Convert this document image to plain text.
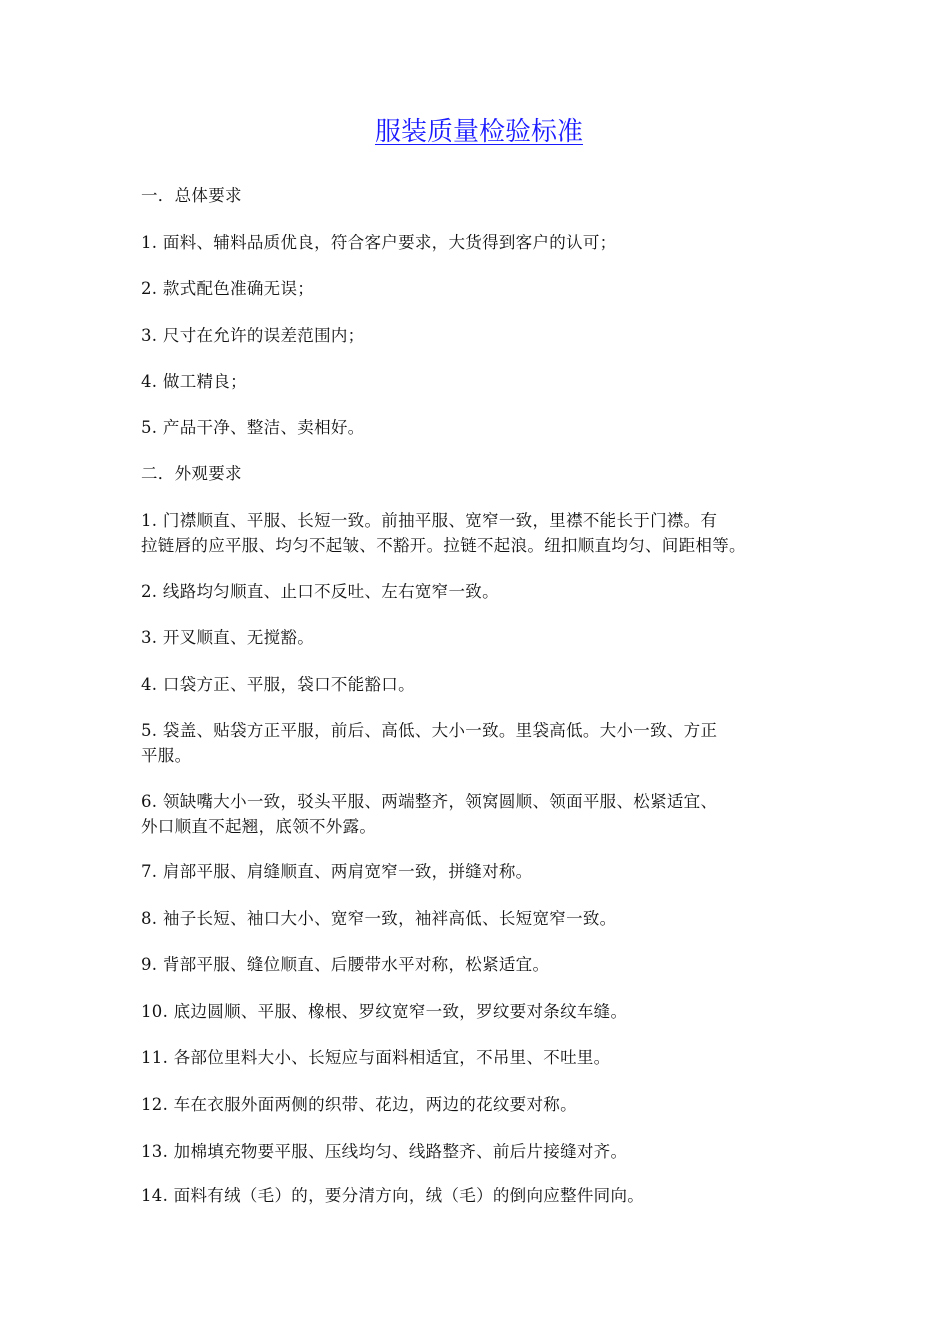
服装质量检验标准
一．总体要求
1. 面料、辅料品质优良，符合客户要求，大货得到客户的认可；
2. 款式配色准确无误；
3. 尺寸在允许的误差范围内；
4. 做工精良；
5. 产品干净、整洁、卖相好。
二．外观要求
1. 门襟顺直、平服、长短一致。前抽平服、宽窄一致，里襟不能长于门襟。有
拉链唇的应平服、均匀不起皱、不豁开。拉链不起浪。纽扣顺直均匀、间距相等。
2. 线路均匀顺直、止口不反吐、左右宽窄一致。
3. 开叉顺直、无搅豁。
4. 口袋方正、平服，袋口不能豁口。
5. 袋盖、贴袋方正平服，前后、高低、大小一致。里袋高低。大小一致、方正
平服。
6. 领缺嘴大小一致，驳头平服、两端整齐，领窝圆顺、领面平服、松紧适宜、
外口顺直不起翘，底领不外露。
7. 肩部平服、肩缝顺直、两肩宽窄一致，拼缝对称。
8. 袖子长短、袖口大小、宽窄一致，袖袢高低、长短宽窄一致。
9. 背部平服、缝位顺直、后腰带水平对称，松紧适宜。
10. 底边圆顺、平服、橡根、罗纹宽窄一致，罗纹要对条纹车缝。
11. 各部位里料大小、长短应与面料相适宜，不吊里、不吐里。
12. 车在衣服外面两侧的织带、花边，两边的花纹要对称。
13. 加棉填充物要平服、压线均匀、线路整齐、前后片接缝对齐。
14. 面料有绒（毛）的，要分清方向，绒（毛）的倒向应整件同向。
